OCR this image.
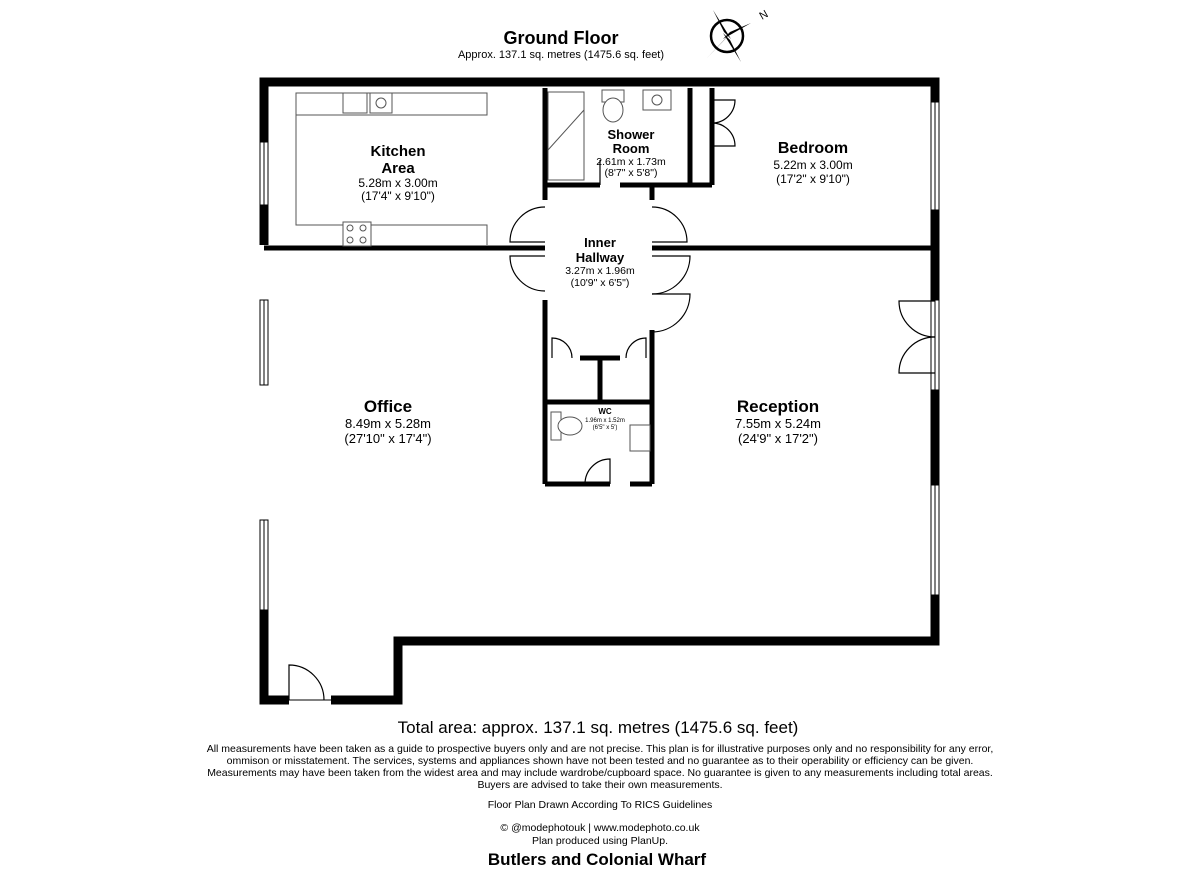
Ground Floor
Approx. 137.1 sq. metres (1475.6 sq. feet)
N
Kitchen
Area
5.28m x 3.00m
(17'4" x 9'10")
Shower
Room
2.61m x 1.73m
(8'7" x 5'8")
Bedroom
5.22m x 3.00m
(17'2" x 9'10")
Inner
Hallway
3.27m x 1.96m
(10'9" x 6'5")
Office
8.49m x 5.28m
(27'10" x 17'4")
Reception
7.55m x 5.24m
(24'9" x 17'2")
WC
1.96m x 1.52m
(6'5" x 5')
Total area: approx. 137.1 sq. metres (1475.6 sq. feet)
All measurements have been taken as a guide to prospective buyers only and are not precise. This plan is for illustrative purposes only and no responsibility for any error,
ommison or misstatement. The services, systems and appliances shown have not been tested and no guarantee as to their operability or efficiency can be given.
Measurements may have been taken from the widest area and may include wardrobe/cupboard space. No guarantee is given to any measurements including total areas.
Buyers are advised to take their own measurements.
Floor Plan Drawn According To RICS Guidelines
© @modephotouk | www.modephoto.co.uk
Plan produced using PlanUp.
Butlers and Colonial Wharf
